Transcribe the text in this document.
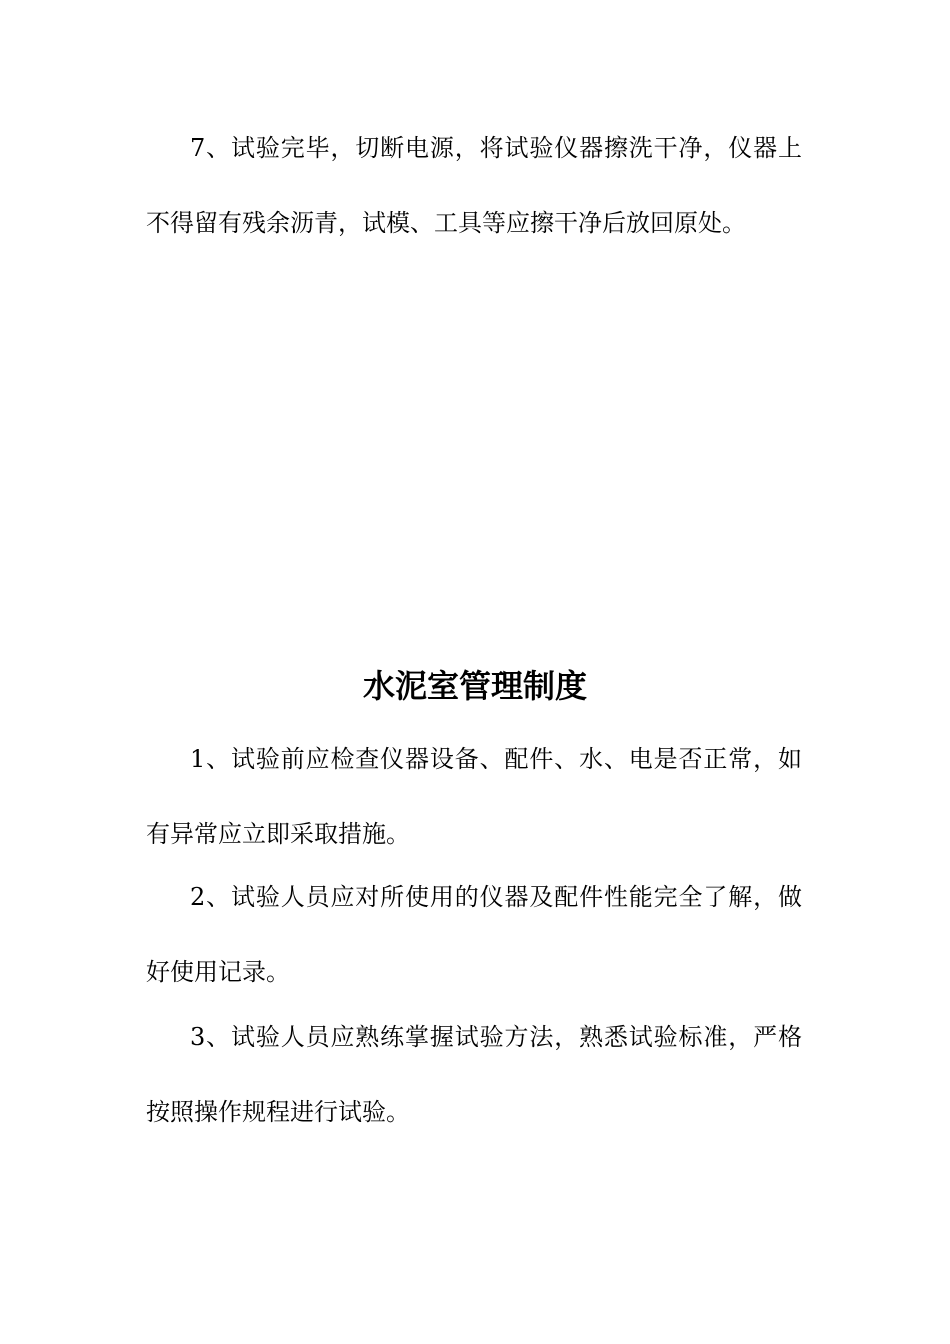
7、试验完毕，切断电源，将试验仪器擦洗干净，仪器上
不得留有残余沥青，试模、工具等应擦干净后放回原处。
水泥室管理制度
1、试验前应检查仪器设备、配件、水、电是否正常，如
有异常应立即采取措施。
2、试验人员应对所使用的仪器及配件性能完全了解，做
好使用记录。
3、试验人员应熟练掌握试验方法，熟悉试验标准，严格
按照操作规程进行试验。
